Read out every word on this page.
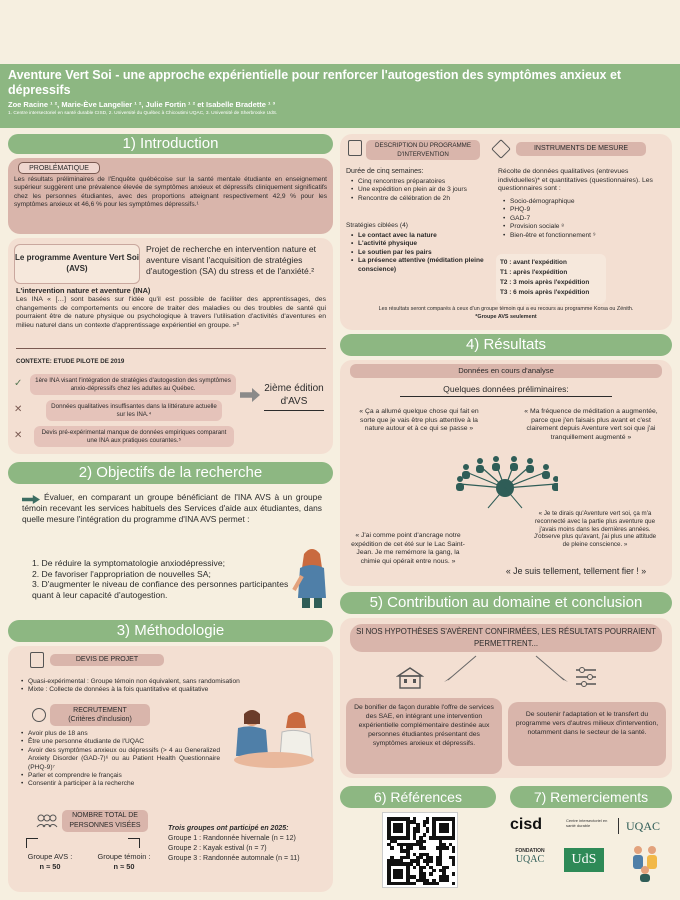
Aventure Vert Soi - une approche expérientielle pour renforcer l'autogestion des symptômes anxieux et dépressifs
Zoe Racine ¹ ², Marie-Ève Langelier ¹ ², Julie Fortin ¹ ² et Isabelle Bradette ¹ ³
1. Centre intersectoriel en santé durable CISD, 2. Université du Québec à Chicoutimi UQAC, 3. Université de Sherbrooke UdS.
1) Introduction
PROBLÉMATIQUE
Les résultats préliminaires de l'Enquête québécoise sur la santé mentale étudiante en enseignement supérieur suggèrent une prévalence élevée de symptômes anxieux et dépressifs cliniquement significatifs chez les personnes étudiantes, avec des proportions atteignant respectivement 42,9 % pour les symptômes anxieux et 46,6 % pour les symptômes dépressifs.¹
Le programme Aventure Vert Soi (AVS)
Projet de recherche en intervention nature et aventure visant l'acquisition de stratégies d'autogestion (SA) du stress et de l'anxiété.²
L'intervention nature et aventure (INA)
Les INA « […] sont basées sur l'idée qu'il est possible de faciliter des apprentissages, des changements de comportements ou encore de traiter des maladies ou des troubles de santé qui pourraient être de nature physique ou psychologique à travers l'utilisation d'activités d'aventures en milieu naturel dans un contexte d'apprentissage expérientiel en groupe. »³
CONTEXTE: ETUDE PILOTE DE 2019
✓	1ère INA visant l'intégration de stratégies d'autogestion des symptômes anxio-dépressifs chez les adultes au Québec.
✕	Données qualitatives insuffisantes dans la littérature actuelle sur les INA.⁴
✕	Devis pré-expérimental manque de données empiriques comparant une INA aux pratiques courantes.⁵
2ième édition d'AVS
2) Objectifs de la recherche
Évaluer, en comparant un groupe bénéficiant de l'INA AVS à un groupe témoin recevant les services habituels des Services d'aide aux étudiantes, dans quelle mesure l'intégration du programme d'INA AVS permet :
1. De réduire la symptomatologie anxiodépressive;
2. De favoriser l'appropriation de nouvelles SA;
3. D'augmenter le niveau de confiance des personnes participantes quant à leur capacité d'autogestion.
3) Méthodologie
DEVIS DE PROJET
• Quasi-expérimental : Groupe témoin non équivalent, sans randomisation
• Mixte : Collecte de données à la fois quantitative et qualitative
RECRUTEMENT
(Critères d'inclusion)
• Avoir plus de 18 ans
• Être une personne étudiante de l'UQAC
• Avoir des symptômes anxieux ou dépressifs (> 4 au Generalized Anxiety Disorder (GAD-7)⁶ ou au Patient Health Questionnaire (PHQ-9)⁷
• Parler et comprendre le français
• Consentir à participer à la recherche
NOMBRE TOTAL DE PERSONNES VISÉES
Groupe AVS :
n ≈ 50
Groupe témoin :
n ≈ 50
Trois groupes ont participé en 2025:
Groupe 1 : Randonnée hivernale (n = 12)
Groupe 2 : Kayak estival (n = 7)
Groupe 3 : Randonnée automnale (n = 11)
DESCRIPTION DU PROGRAMME D'INTERVENTION
Durée de cinq semaines:
• Cinq rencontres préparatoires
• Une expédition en plein air de 3 jours
• Rencontre de célébration de 2h
Stratégies ciblées (4)
• Le contact avec la nature
• L'activité physique
• Le soutien par les pairs
• La présence attentive (méditation pleine conscience)
INSTRUMENTS DE MESURE
Récolte de données qualitatives (entrevues individuelles)* et quantitatives (questionnaires). Les questionnaires sont :
• Socio-démographique
• PHQ-9
• GAD-7
• Provision sociale ⁸
• Bien-être et fonctionnement ⁹
T0 : avant l'expédition
T1 : après l'expédition
T2 : 3 mois après l'expédition
T3 : 6 mois après l'expédition
Les résultats seront comparés à ceux d'un groupe témoin qui a eu recours au programme Korsa ou Zénith.
*Groupe AVS seulement
4) Résultats
Données en cours d'analyse
Quelques données préliminaires:
« Ça a allumé quelque chose qui fait en sorte que je vais être plus attentive à la nature autour et à ce qui se passe »
« Ma fréquence de méditation a augmentée, parce que j'en faisais plus avant et c'est clairement depuis Aventure vert soi que j'ai tranquillement augmenté »
« Je te dirais qu'Aventure vert soi, ça m'a reconnecté avec la partie plus aventure que j'avais moins dans les dernières années. J'observe plus qu'avant, j'ai plus une attitude de pleine conscience. »
« J'ai comme point d'ancrage notre expédition de cet été sur le Lac Saint-Jean. Je me remémore la gang, la chimie qui opérait entre nous. »
« Je suis tellement, tellement fier ! »
5) Contribution au domaine et conclusion
SI NOS HYPOTHÈSES S'AVÈRENT CONFIRMÉES, LES RÉSULTATS POURRAIENT PERMETTRENT...
De bonifier de façon durable l'offre de services des SAE, en intégrant une intervention expérientielle complémentaire destinée aux personnes étudiantes présentant des symptômes anxieux et dépressifs.
De soutenir l'adaptation et le transfert du programme vers d'autres milieux d'intervention, notamment dans le secteur de la santé.
6) Références	7) Remerciements
cisd	Centre intersectoriel en santé durable	UQAC
FONDATION
UQAC	UdS
